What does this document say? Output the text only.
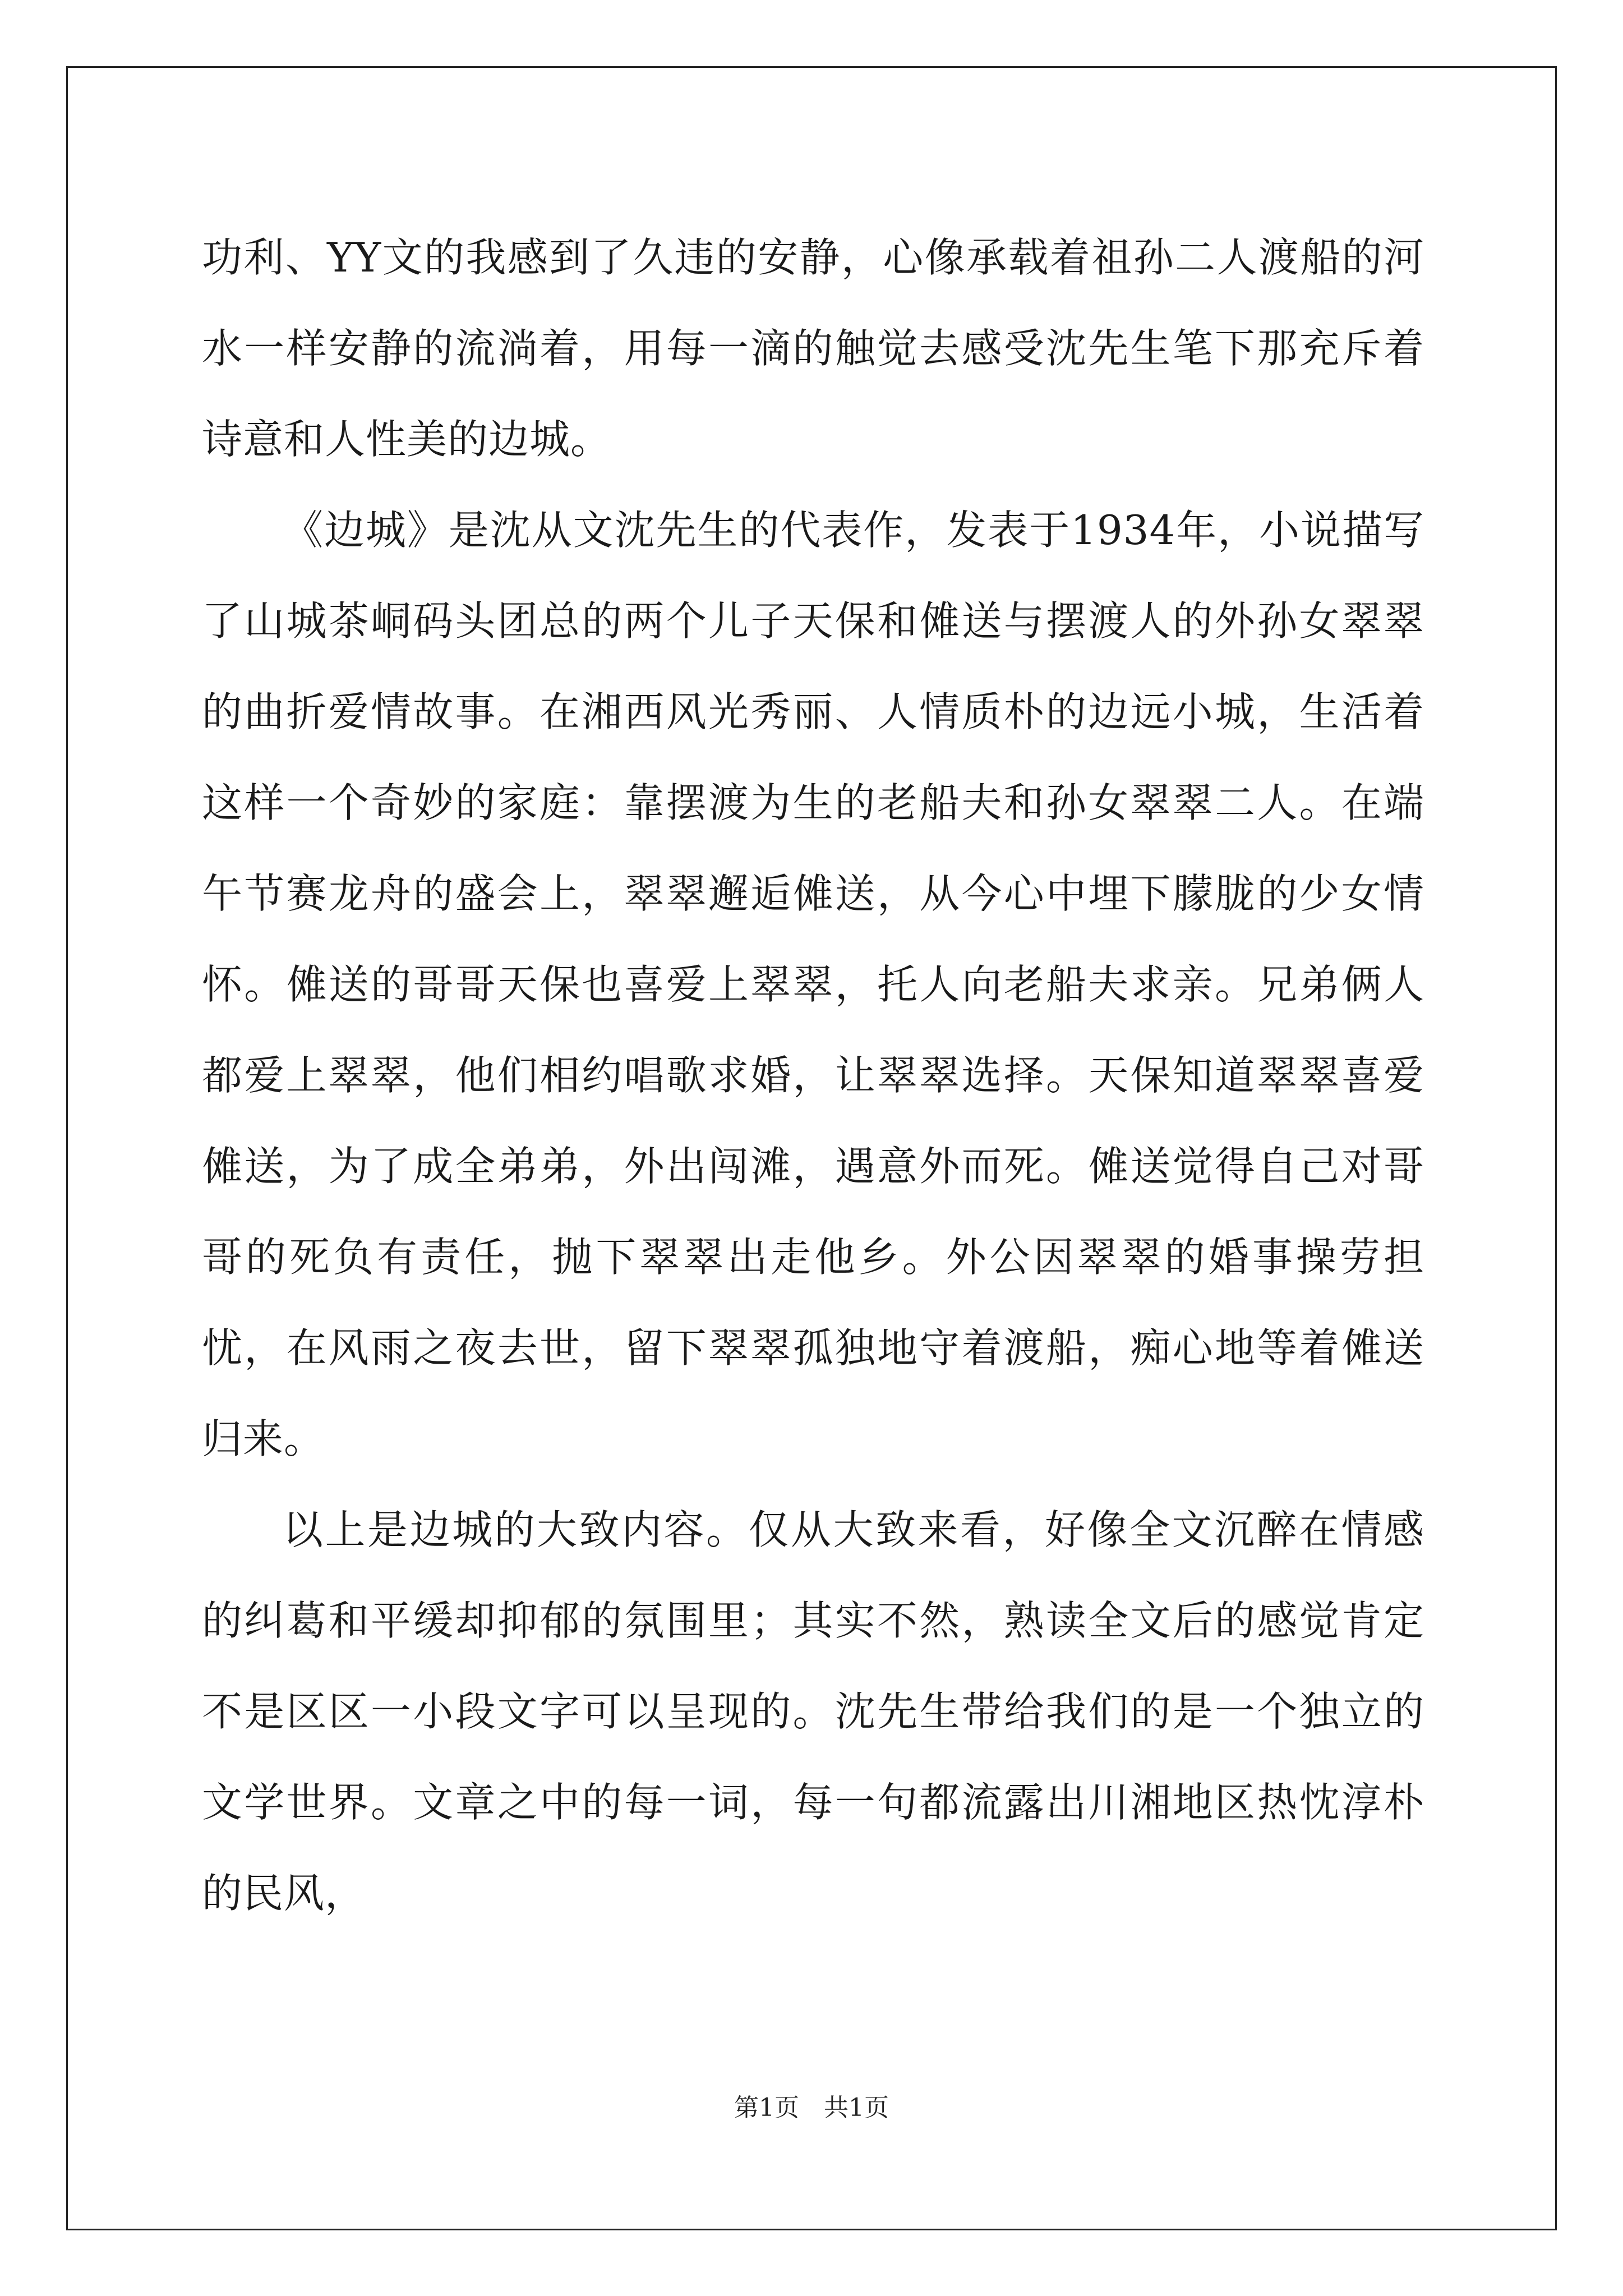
功利、YY文的我感到了久违的安静，心像承载着祖孙二人渡船的河水一样安静的流淌着，用每一滴的触觉去感受沈先生笔下那充斥着诗意和人性美的边城。

《边城》是沈从文沈先生的代表作，发表于1934年，小说描写了山城茶峒码头团总的两个儿子天保和傩送与摆渡人的外孙女翠翠的曲折爱情故事。在湘西风光秀丽、人情质朴的边远小城，生活着这样一个奇妙的家庭：靠摆渡为生的老船夫和孙女翠翠二人。在端午节赛龙舟的盛会上，翠翠邂逅傩送，从今心中埋下朦胧的少女情怀。傩送的哥哥天保也喜爱上翠翠，托人向老船夫求亲。兄弟俩人都爱上翠翠，他们相约唱歌求婚，让翠翠选择。天保知道翠翠喜爱傩送，为了成全弟弟，外出闯滩，遇意外而死。傩送觉得自己对哥哥的死负有责任，抛下翠翠出走他乡。外公因翠翠的婚事操劳担忧，在风雨之夜去世，留下翠翠孤独地守着渡船，痴心地等着傩送归来。

以上是边城的大致内容。仅从大致来看，好像全文沉醉在情感的纠葛和平缓却抑郁的氛围里；其实不然，熟读全文后的感觉肯定不是区区一小段文字可以呈现的。沈先生带给我们的是一个独立的文学世界。文章之中的每一词，每一句都流露出川湘地区热忱淳朴的民风，

第1页　共1页
